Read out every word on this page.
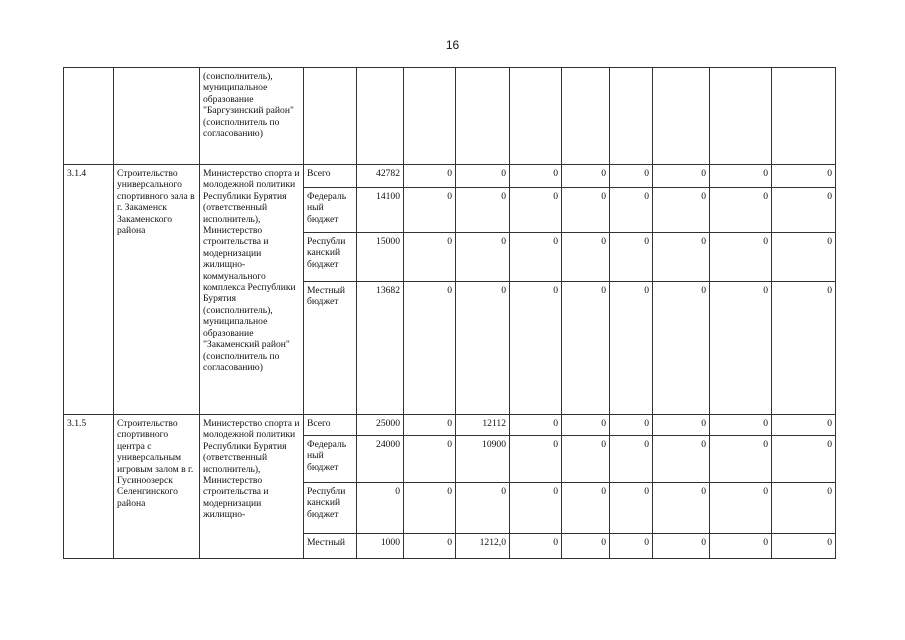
16
		(соисполнитель), муниципальное образование "Баргузинский район" (соисполнитель по согласованию)										
3.1.4	Строительство универсального спортивного зала в г. Закаменск Закаменского района	Министерство спорта и молодежной политики Республики Бурятия (ответственный исполнитель), Министерство строительства и модернизации жилищно-коммунального комплекса Республики Бурятия (соисполнитель), муниципальное образование "Закаменский район" (соисполнитель по согласованию)	Всего	42782	0	0	0	0	0	0	0	0
			Федераль ный бюджет	14100	0	0	0	0	0	0	0	0
			Республи канский бюджет	15000	0	0	0	0	0	0	0	0
			Местный бюджет	13682	0	0	0	0	0	0	0	0
3.1.5	Строительство спортивного центра с универсальным игровым залом в г. Гусиноозерск Селенгинского района	Министерство спорта и молодежной политики Республики Бурятия (ответственный исполнитель), Министерство строительства и модернизации жилищно-	Всего	25000	0	12112	0	0	0	0	0	0
			Федераль ный бюджет	24000	0	10900	0	0	0	0	0	0
			Республи канский бюджет	0	0	0	0	0	0	0	0	0
			Местный	1000	0	1212,0	0	0	0	0	0	0
